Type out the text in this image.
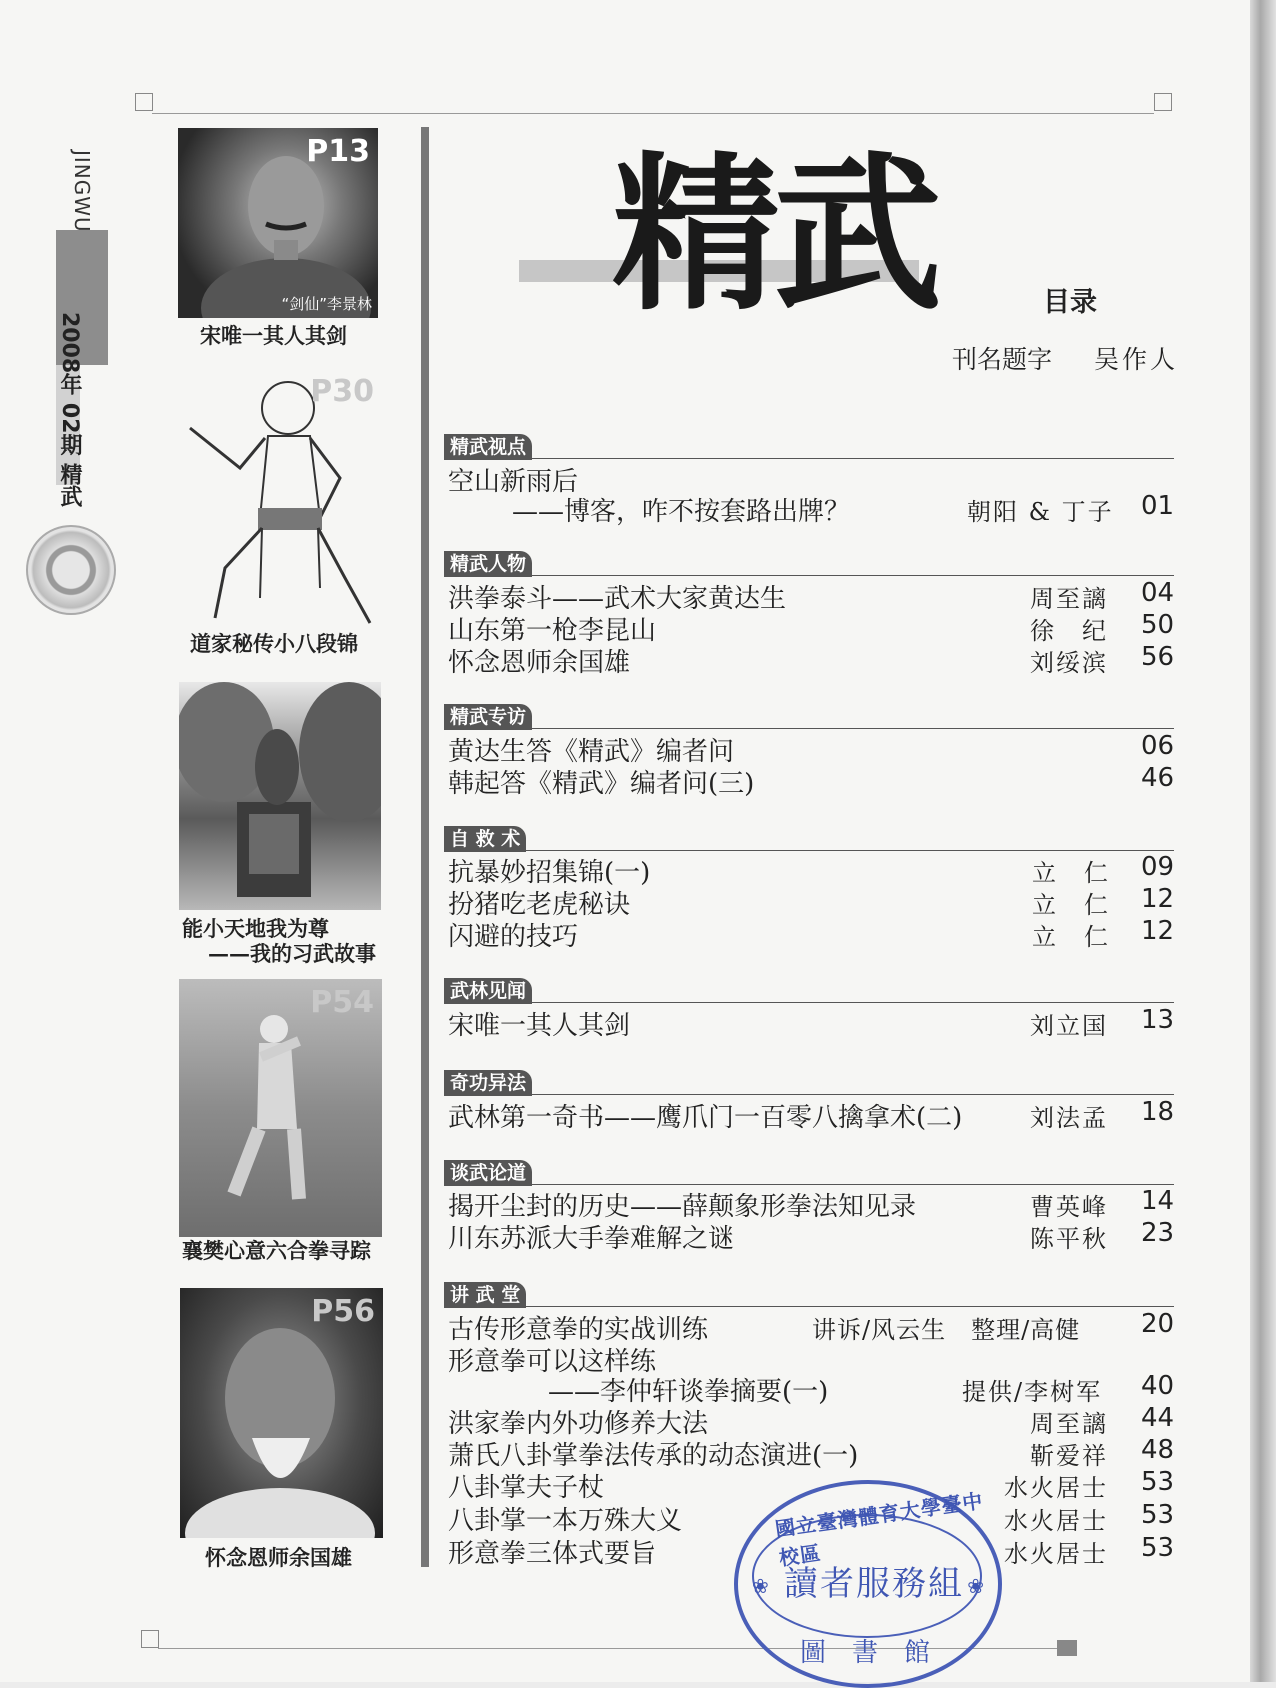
JINGWU
2008年 02期 精武
P13
“剑仙”李景林
宋唯一其人其剑
P30
道家秘传小八段锦
能小天地我为尊
——我的习武故事
P54
襄樊心意六合拳寻踪
P56
怀念恩师余国雄
精武	目录
刊名题字 吴作人
精武视点
空山新雨后
——博客，咋不按套路出牌？	朝阳 & 丁子 01
精武人物
洪拳泰斗——武术大家黄达生	周至謧 04
山东第一枪李昆山	徐　纪 50
怀念恩师余国雄	刘绥滨 56
精武专访
黄达生答《精武》编者问	06
韩起答《精武》编者问(三)	46
自 救 术
抗暴妙招集锦(一)	立　仁 09
扮猪吃老虎秘诀	立　仁 12
闪避的技巧	立　仁 12
武林见闻
宋唯一其人其剑	刘立国 13
奇功异法
武林第一奇书——鹰爪门一百零八擒拿术(二)	刘法孟 18
谈武论道
揭开尘封的历史——薛颠象形拳法知见录	曹英峰 14
川东苏派大手拳难解之谜	陈平秋 23
讲 武 堂
古传形意拳的实战训练	讲诉/风云生　整理/高健 20
形意拳可以这样练
——李仲轩谈拳摘要(一)	提供/李树军 40
洪家拳内外功修养大法	周至謧 44
萧氏八卦掌拳法传承的动态演进(一)	靳爱祥 48
八卦掌夫子杖	水火居士 53
八卦掌一本万殊大义	水火居士 53
形意拳三体式要旨	水火居士 53
國立臺灣體育大學臺中校區
❀	❀
讀者服務組
圖書館
